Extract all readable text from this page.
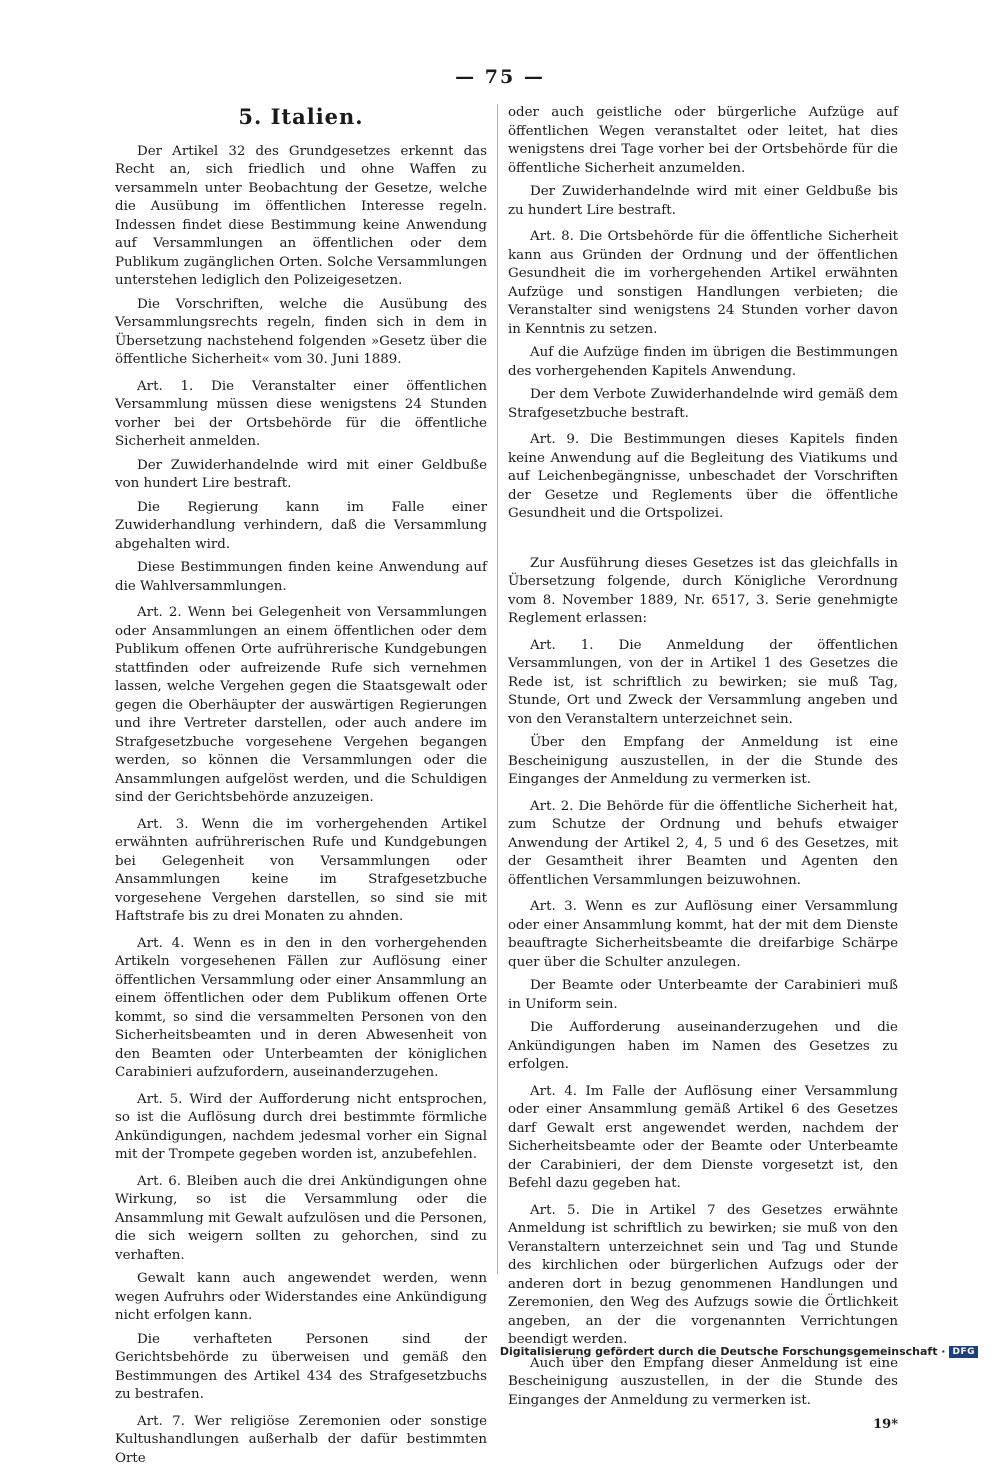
— 75 —
5. Italien.

Der Artikel 32 des Grundgesetzes erkennt das Recht an, sich friedlich und ohne Waffen zu versammeln unter Beobachtung der Gesetze, welche die Ausübung im öffentlichen Interesse regeln. Indessen findet diese Bestimmung keine Anwendung auf Versammlungen an öffentlichen oder dem Publikum zugänglichen Orten. Solche Versammlungen unterstehen lediglich den Polizeigesetzen.

Die Vorschriften, welche die Ausübung des Versammlungsrechts regeln, finden sich in dem in Übersetzung nachstehend folgenden »Gesetz über die öffentliche Sicherheit« vom 30. Juni 1889.

Art. 1. Die Veranstalter einer öffentlichen Versammlung müssen diese wenigstens 24 Stunden vorher bei der Ortsbehörde für die öffentliche Sicherheit anmelden.

Der Zuwiderhandelnde wird mit einer Geldbuße von hundert Lire bestraft.

Die Regierung kann im Falle einer Zuwiderhandlung verhindern, daß die Versammlung abgehalten wird.

Diese Bestimmungen finden keine Anwendung auf die Wahlversammlungen.

Art. 2. Wenn bei Gelegenheit von Versammlungen oder Ansammlungen an einem öffentlichen oder dem Publikum offenen Orte aufrührerische Kundgebungen stattfinden oder aufreizende Rufe sich vernehmen lassen, welche Vergehen gegen die Staatsgewalt oder gegen die Oberhäupter der auswärtigen Regierungen und ihre Vertreter darstellen, oder auch andere im Strafgesetzbuche vorgesehene Vergehen begangen werden, so können die Versammlungen oder die Ansammlungen aufgelöst werden, und die Schuldigen sind der Gerichtsbehörde anzuzeigen.

Art. 3. Wenn die im vorhergehenden Artikel erwähnten aufrührerischen Rufe und Kundgebungen bei Gelegenheit von Versammlungen oder Ansammlungen keine im Strafgesetzbuche vorgesehene Vergehen darstellen, so sind sie mit Haftstrafe bis zu drei Monaten zu ahnden.

Art. 4. Wenn es in den in den vorhergehenden Artikeln vorgesehenen Fällen zur Auflösung einer öffentlichen Versammlung oder einer Ansammlung an einem öffentlichen oder dem Publikum offenen Orte kommt, so sind die versammelten Personen von den Sicherheitsbeamten und in deren Abwesenheit von den Beamten oder Unterbeamten der königlichen Carabinieri aufzufordern, auseinanderzugehen.

Art. 5. Wird der Aufforderung nicht entsprochen, so ist die Auflösung durch drei bestimmte förmliche Ankündigungen, nachdem jedesmal vorher ein Signal mit der Trompete gegeben worden ist, anzubefehlen.

Art. 6. Bleiben auch die drei Ankündigungen ohne Wirkung, so ist die Versammlung oder die Ansammlung mit Gewalt aufzulösen und die Personen, die sich weigern sollten zu gehorchen, sind zu verhaften.

Gewalt kann auch angewendet werden, wenn wegen Aufruhrs oder Widerstandes eine Ankündigung nicht erfolgen kann.

Die verhafteten Personen sind der Gerichtsbehörde zu überweisen und gemäß den Bestimmungen des Artikel 434 des Strafgesetzbuchs zu bestrafen.

Art. 7. Wer religiöse Zeremonien oder sonstige Kultushandlungen außerhalb der dafür bestimmten Orte

oder auch geistliche oder bürgerliche Aufzüge auf öffentlichen Wegen veranstaltet oder leitet, hat dies wenigstens drei Tage vorher bei der Ortsbehörde für die öffentliche Sicherheit anzumelden.

Der Zuwiderhandelnde wird mit einer Geldbuße bis zu hundert Lire bestraft.

Art. 8. Die Ortsbehörde für die öffentliche Sicherheit kann aus Gründen der Ordnung und der öffentlichen Gesundheit die im vorhergehenden Artikel erwähnten Aufzüge und sonstigen Handlungen verbieten; die Veranstalter sind wenigstens 24 Stunden vorher davon in Kenntnis zu setzen.

Auf die Aufzüge finden im übrigen die Bestimmungen des vorhergehenden Kapitels Anwendung.

Der dem Verbote Zuwiderhandelnde wird gemäß dem Strafgesetzbuche bestraft.

Art. 9. Die Bestimmungen dieses Kapitels finden keine Anwendung auf die Begleitung des Viatikums und auf Leichenbegängnisse, unbeschadet der Vorschriften der Gesetze und Reglements über die öffentliche Gesundheit und die Ortspolizei.

Zur Ausführung dieses Gesetzes ist das gleichfalls in Übersetzung folgende, durch Königliche Verordnung vom 8. November 1889, Nr. 6517, 3. Serie genehmigte Reglement erlassen:

Art. 1. Die Anmeldung der öffentlichen Versammlungen, von der in Artikel 1 des Gesetzes die Rede ist, ist schriftlich zu bewirken; sie muß Tag, Stunde, Ort und Zweck der Versammlung angeben und von den Veranstaltern unterzeichnet sein.

Über den Empfang der Anmeldung ist eine Bescheinigung auszustellen, in der die Stunde des Einganges der Anmeldung zu vermerken ist.

Art. 2. Die Behörde für die öffentliche Sicherheit hat, zum Schutze der Ordnung und behufs etwaiger Anwendung der Artikel 2, 4, 5 und 6 des Gesetzes, mit der Gesamtheit ihrer Beamten und Agenten den öffentlichen Versammlungen beizuwohnen.

Art. 3. Wenn es zur Auflösung einer Versammlung oder einer Ansammlung kommt, hat der mit dem Dienste beauftragte Sicherheitsbeamte die dreifarbige Schärpe quer über die Schulter anzulegen.

Der Beamte oder Unterbeamte der Carabinieri muß in Uniform sein.

Die Aufforderung auseinanderzugehen und die Ankündigungen haben im Namen des Gesetzes zu erfolgen.

Art. 4. Im Falle der Auflösung einer Versammlung oder einer Ansammlung gemäß Artikel 6 des Gesetzes darf Gewalt erst angewendet werden, nachdem der Sicherheitsbeamte oder der Beamte oder Unterbeamte der Carabinieri, der dem Dienste vorgesetzt ist, den Befehl dazu gegeben hat.

Art. 5. Die in Artikel 7 des Gesetzes erwähnte Anmeldung ist schriftlich zu bewirken; sie muß von den Veranstaltern unterzeichnet sein und Tag und Stunde des kirchlichen oder bürgerlichen Aufzugs oder der anderen dort in bezug genommenen Handlungen und Zeremonien, den Weg des Aufzugs sowie die Örtlichkeit angeben, an der die vorgenannten Verrichtungen beendigt werden.

Auch über den Empfang dieser Anmeldung ist eine Bescheinigung auszustellen, in der die Stunde des Einganges der Anmeldung zu vermerken ist.

19*
Digitalisierung gefördert durch die Deutsche Forschungsgemeinschaft · DFG
